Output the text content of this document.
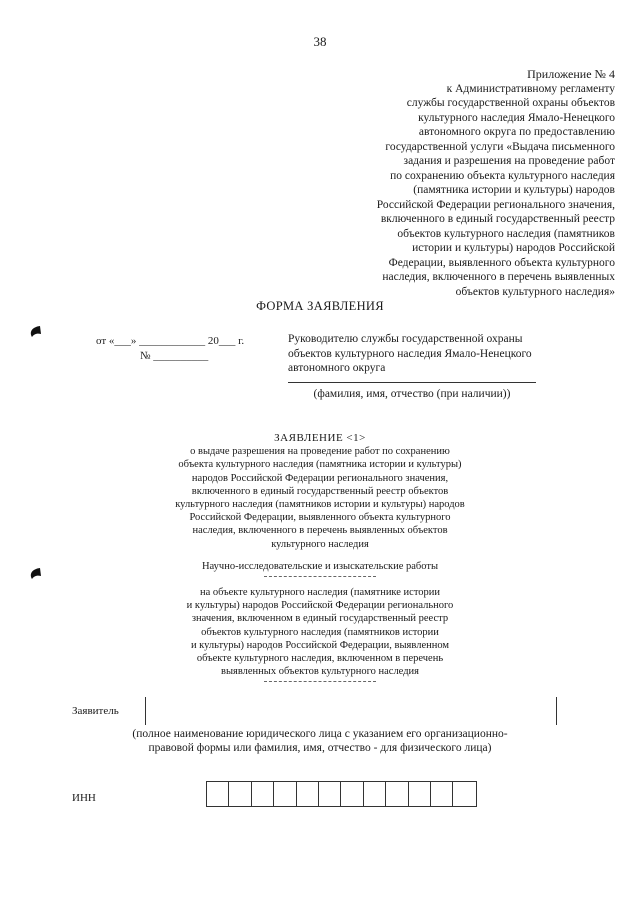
38
Приложение № 4
к Административному регламенту
службы государственной охраны объектов
культурного наследия Ямало-Ненецкого
автономного округа по предоставлению
государственной услуги «Выдача письменного
задания и разрешения на проведение работ
по сохранению объекта культурного наследия
(памятника истории и культуры) народов
Российской Федерации регионального значения,
включенного в единый государственный реестр
объектов культурного наследия (памятников
истории и культуры) народов Российской
Федерации, выявленного объекта культурного
наследия, включенного в перечень выявленных
объектов культурного наследия»
ФОРМА ЗАЯВЛЕНИЯ
от «___» ____________ 20___ г.
№ __________
Руководителю службы государственной охраны
объектов культурного наследия Ямало-Ненецкого
автономного округа
(фамилия, имя, отчество (при наличии))
ЗАЯВЛЕНИЕ <1>
о выдаче разрешения на проведение работ по сохранению
объекта культурного наследия (памятника истории и культуры)
народов Российской Федерации регионального значения,
включенного в единый государственный реестр объектов
культурного наследия (памятников истории и культуры) народов
Российской Федерации, выявленного объекта культурного
наследия, включенного в перечень выявленных объектов
культурного наследия
Научно-исследовательские и изыскательские работы
на объекте культурного наследия (памятнике истории
и культуры) народов Российской Федерации регионального
значения, включенном в единый государственный реестр
объектов культурного наследия (памятников истории
и культуры) народов Российской Федерации, выявленном
объекте культурного наследия, включенном в перечень
выявленных объектов культурного наследия
Заявитель
(полное наименование юридического лица с указанием его организационно-
правовой формы или фамилия, имя, отчество - для физического лица)
ИНН
